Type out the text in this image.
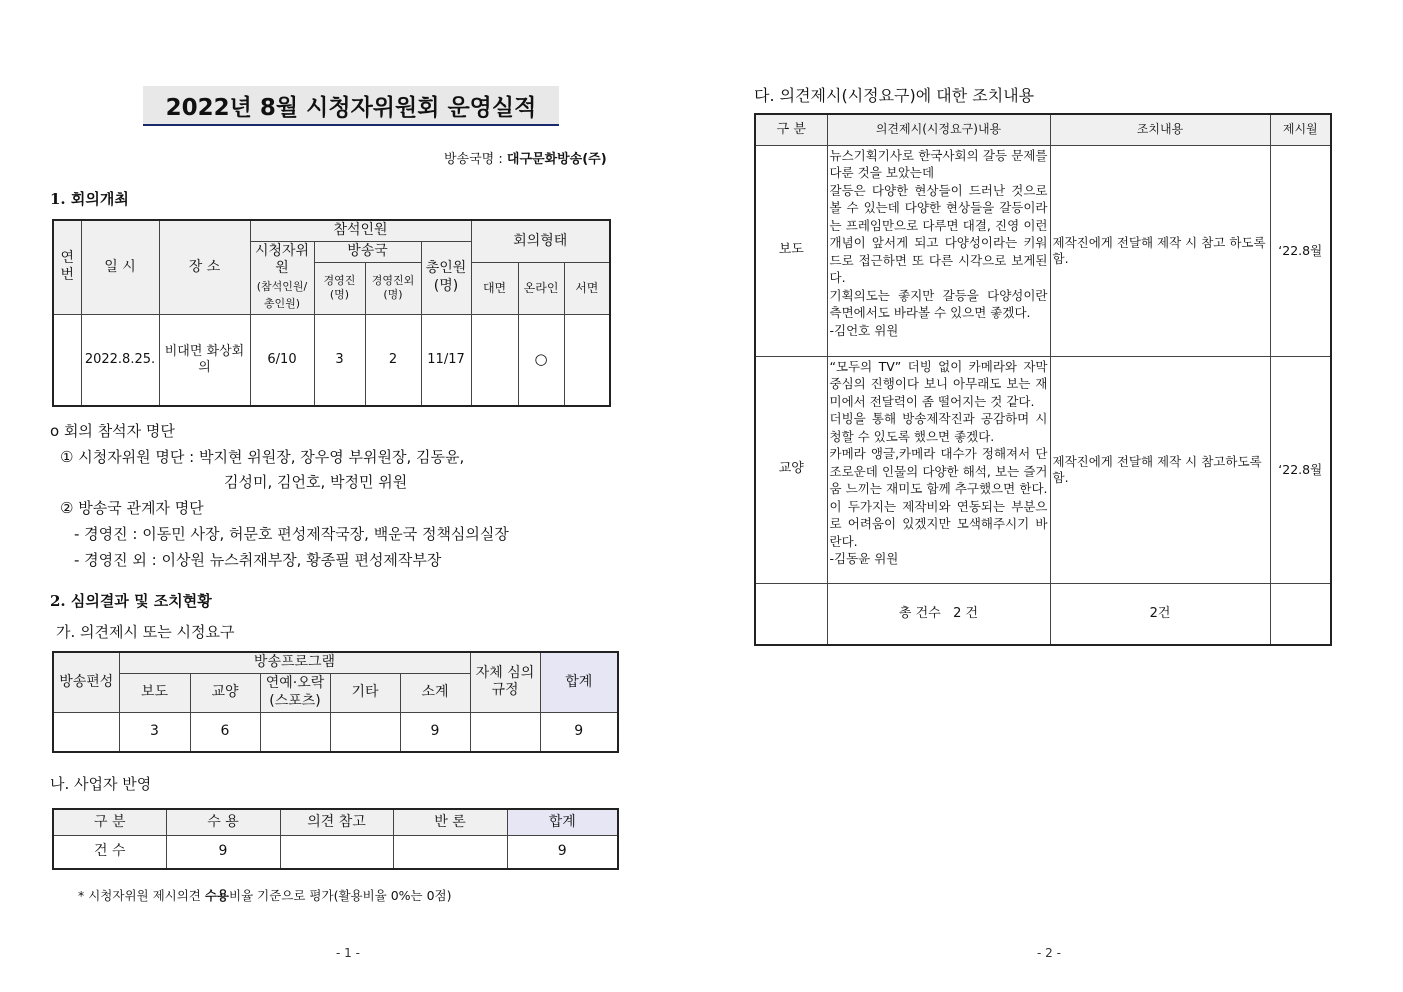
2022년 8월 시청자위원회 운영실적
방송국명 : 대구문화방송(주)
1. 회의개최
연번	일 시	장 소	참석인원				회의형태		
			시청자위원
(참석인원/총인원)	방송국		총인원(명)			
				경영진(명)	경영진외(명)		대면	온라인	서면
	2022.8.25.	비대면 화상회의	6/10	3	2	11/17		○	
o 회의 참석자 명단
① 시청자위원 명단 : 박지현 위원장, 장우영 부위원장, 김동윤,
김성미, 김언호, 박정민 위원
② 방송국 관계자 명단
- 경영진 : 이동민 사장, 허문호 편성제작국장, 백운국 정책심의실장
- 경영진 외 : 이상원 뉴스취재부장, 황종필 편성제작부장
2. 심의결과 및 조치현황
가. 의견제시 또는 시정요구
방송편성	방송프로그램					자체 심의규정	합계
	보도	교양	연예·오락
(스포츠)	기타	소계		
	3	6			9		9
나. 사업자 반영
구 분	수 용	의견 참고	반 론	합계
건 수	9			9
* 시청자위원 제시의견 수용비율 기준으로 평가(활용비율 0%는 0점)
- 1 -
다. 의견제시(시정요구)에 대한 조치내용
구 분	의견제시(시정요구)내용	조치내용	제시월
보도	뉴스기획기사로 한국사회의 갈등 문제를 다룬 것을 보았는데

갈등은 다양한 현상들이 드러난 것으로 볼 수 있는데 다양한 현상들을 갈등이라는 프레임만으로 다루면 대결, 진영 이런 개념이 앞서게 되고 다양성이라는 키워드로 접근하면 또 다른 시각으로 보게된다.

기획의도는 좋지만 갈등을 다양성이란 측면에서도 바라볼 수 있으면 좋겠다.

-김언호 위원	제작진에게 전달해 제작 시 참고 하도록 함.	‘22.8월
교양	“모두의 TV” 더빙 없이 카메라와 자막중심의 진행이다 보니 아무래도 보는 재미에서 전달력이 좀 떨어지는 것 같다.

더빙을 통해 방송제작진과 공감하며 시청할 수 있도록 했으면 좋겠다.

카메라 앵글,카메라 대수가 정해져서 단조로운데 인물의 다양한 해석, 보는 즐거움 느끼는 재미도 함께 추구했으면 한다. 이 두가지는 제작비와 연동되는 부분으로 어려움이 있겠지만 모색해주시기 바란다.

-김동윤 위원	제작진에게 전달해 제작 시 참고하도록 함.	‘22.8월
	총 건수   2 건	2건	
- 2 -
